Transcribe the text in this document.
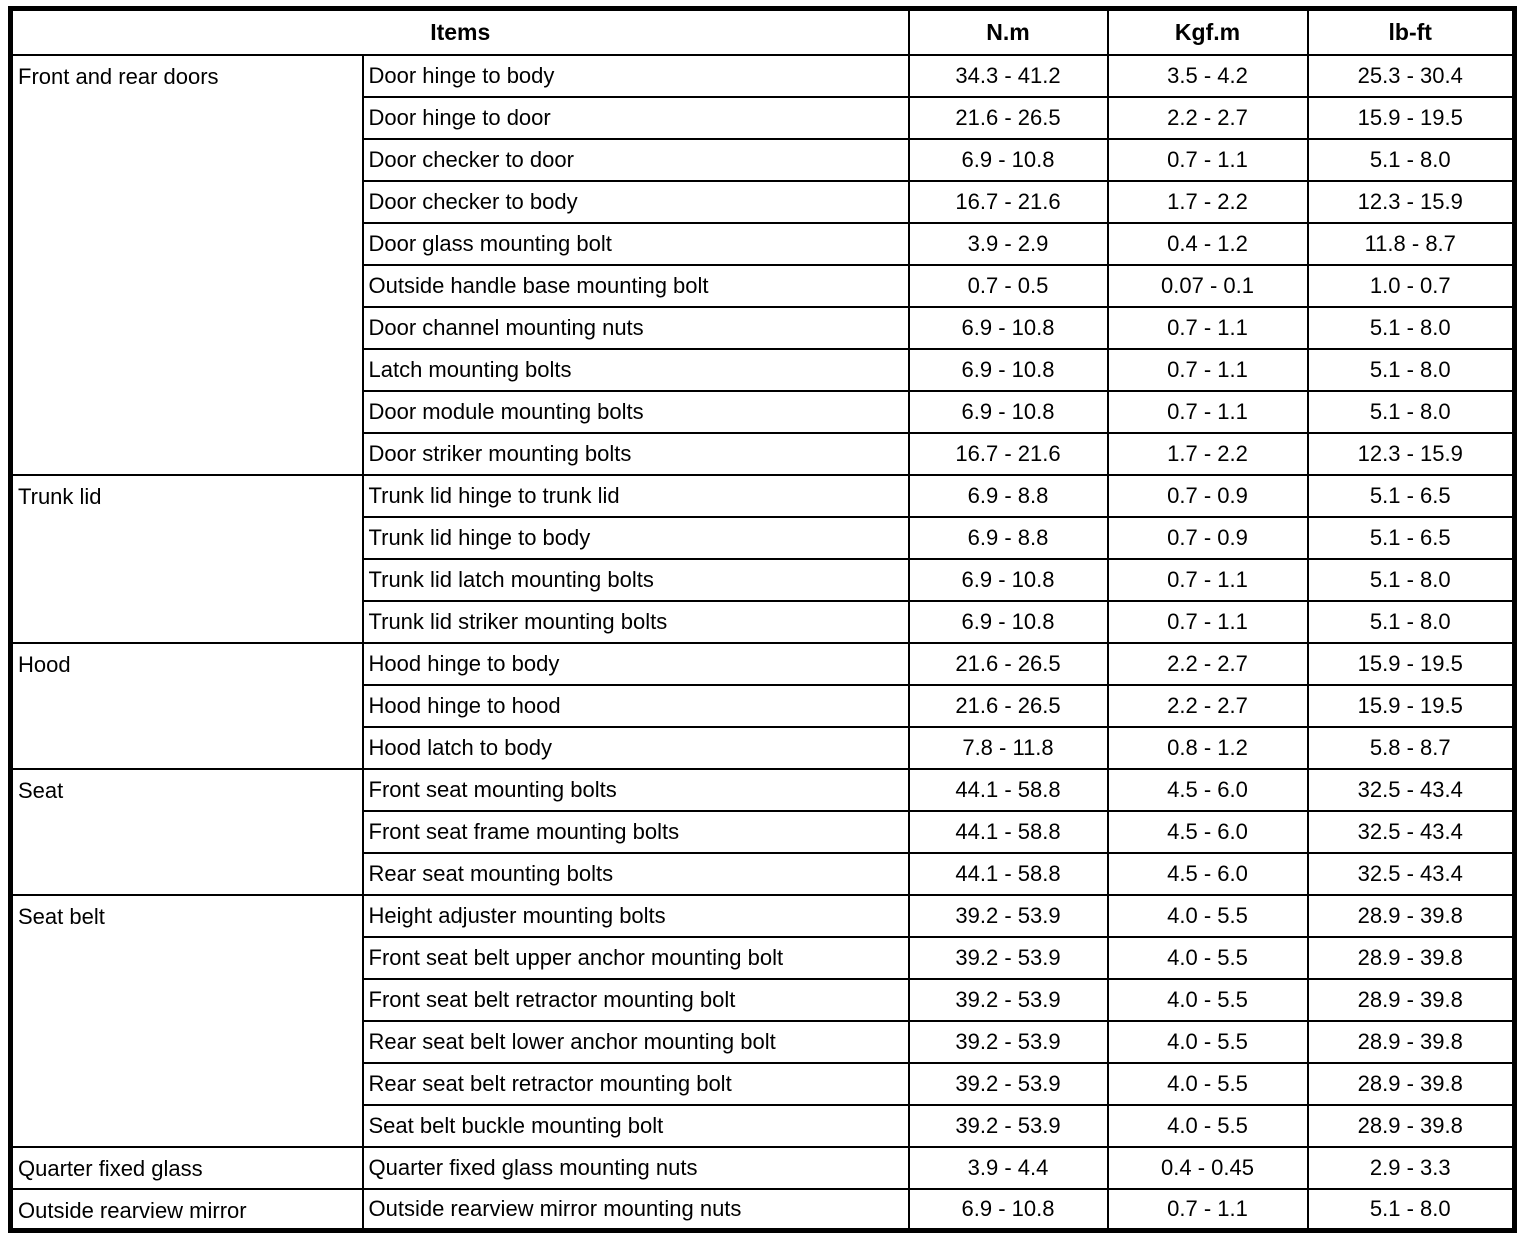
Items		N.m	Kgf.m	lb-ft
Front and rear doors	Door hinge to body	34.3 - 41.2	3.5 - 4.2	25.3 - 30.4
	Door hinge to door	21.6 - 26.5	2.2 - 2.7	15.9 - 19.5
	Door checker to door	6.9 - 10.8	0.7 - 1.1	5.1 - 8.0
	Door checker to body	16.7 - 21.6	1.7 - 2.2	12.3 - 15.9
	Door glass mounting bolt	3.9 - 2.9	0.4 - 1.2	11.8 - 8.7
	Outside handle base mounting bolt	0.7 - 0.5	0.07 - 0.1	1.0 - 0.7
	Door channel mounting nuts	6.9 - 10.8	0.7 - 1.1	5.1 - 8.0
	Latch mounting bolts	6.9 - 10.8	0.7 - 1.1	5.1 - 8.0
	Door module mounting bolts	6.9 - 10.8	0.7 - 1.1	5.1 - 8.0
	Door striker mounting bolts	16.7 - 21.6	1.7 - 2.2	12.3 - 15.9
Trunk lid	Trunk lid hinge to trunk lid	6.9 - 8.8	0.7 - 0.9	5.1 - 6.5
	Trunk lid hinge to body	6.9 - 8.8	0.7 - 0.9	5.1 - 6.5
	Trunk lid latch mounting bolts	6.9 - 10.8	0.7 - 1.1	5.1 - 8.0
	Trunk lid striker mounting bolts	6.9 - 10.8	0.7 - 1.1	5.1 - 8.0
Hood	Hood hinge to body	21.6 - 26.5	2.2 - 2.7	15.9 - 19.5
	Hood hinge to hood	21.6 - 26.5	2.2 - 2.7	15.9 - 19.5
	Hood latch to body	7.8 - 11.8	0.8 - 1.2	5.8 - 8.7
Seat	Front seat mounting bolts	44.1 - 58.8	4.5 - 6.0	32.5 - 43.4
	Front seat frame mounting bolts	44.1 - 58.8	4.5 - 6.0	32.5 - 43.4
	Rear seat mounting bolts	44.1 - 58.8	4.5 - 6.0	32.5 - 43.4
Seat belt	Height adjuster mounting bolts	39.2 - 53.9	4.0 - 5.5	28.9 - 39.8
	Front seat belt upper anchor mounting bolt	39.2 - 53.9	4.0 - 5.5	28.9 - 39.8
	Front seat belt retractor mounting bolt	39.2 - 53.9	4.0 - 5.5	28.9 - 39.8
	Rear seat belt lower anchor mounting bolt	39.2 - 53.9	4.0 - 5.5	28.9 - 39.8
	Rear seat belt retractor mounting bolt	39.2 - 53.9	4.0 - 5.5	28.9 - 39.8
	Seat belt buckle mounting bolt	39.2 - 53.9	4.0 - 5.5	28.9 - 39.8
Quarter fixed glass	Quarter fixed glass mounting nuts	3.9 - 4.4	0.4 - 0.45	2.9 - 3.3
Outside rearview mirror	Outside rearview mirror mounting nuts	6.9 - 10.8	0.7 - 1.1	5.1 - 8.0
